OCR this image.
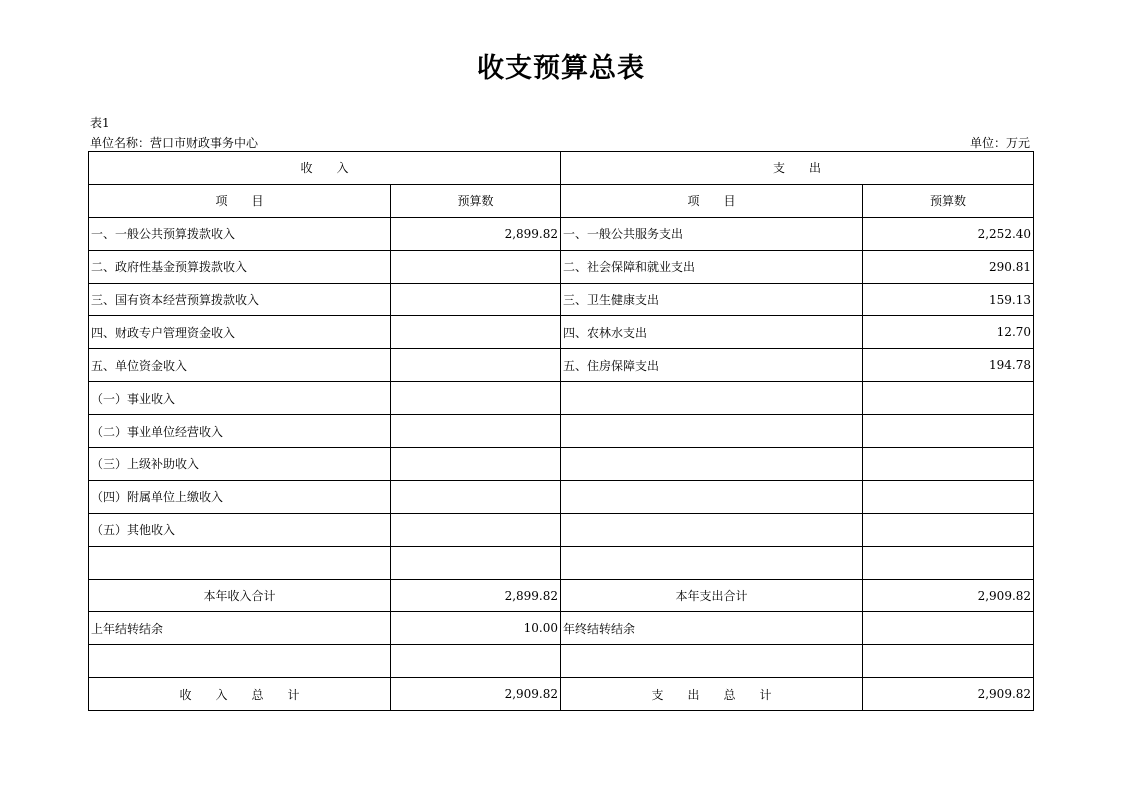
收支预算总表
表1
单位名称：营口市财政事务中心	单位：万元
收　　入		支　　出	
项　　目	预算数	项　　目	预算数
一、一般公共预算拨款收入	2,899.82	一、一般公共服务支出	2,252.40
二、政府性基金预算拨款收入		二、社会保障和就业支出	290.81
三、国有资本经营预算拨款收入		三、卫生健康支出	159.13
四、财政专户管理资金收入		四、农林水支出	12.70
五、单位资金收入		五、住房保障支出	194.78
（一）事业收入			
（二）事业单位经营收入			
（三）上级补助收入			
（四）附属单位上缴收入			
（五）其他收入			

本年收入合计	2,899.82	本年支出合计	2,909.82
上年结转结余	10.00	年终结转结余	

收　　入　　总　　计	2,909.82	支　　出　　总　　计	2,909.82
